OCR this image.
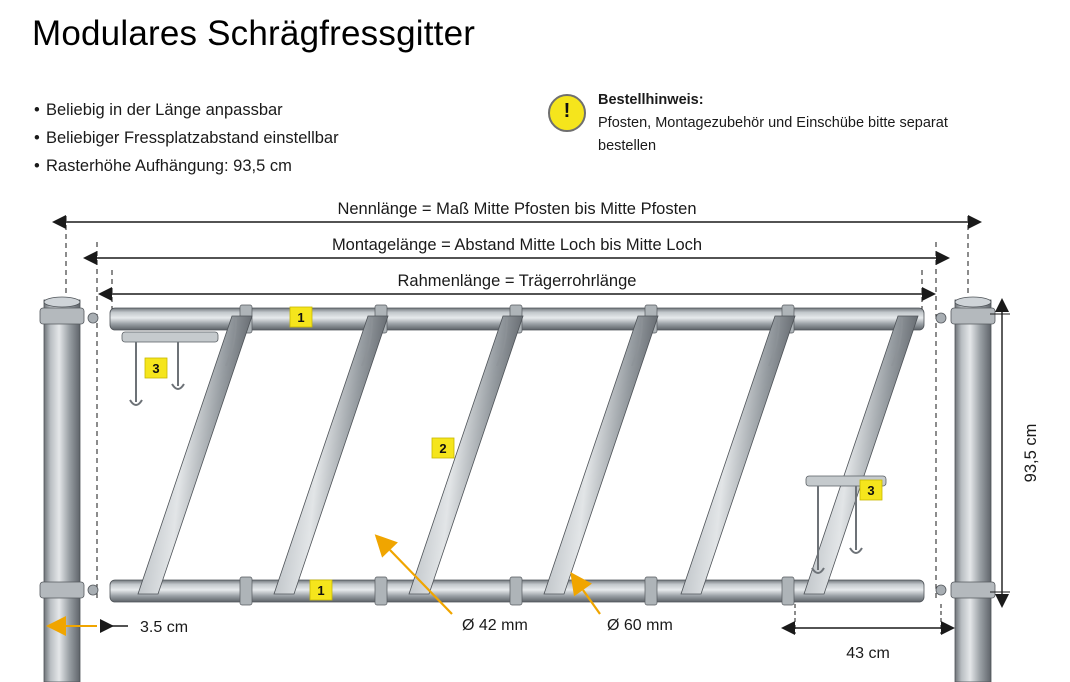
Modulares Schrägfressgitter
• Beliebig in der Länge anpassbar
• Beliebiger Fressplatzabstand einstellbar
• Rasterhöhe Aufhängung: 93,5 cm
!	Bestellhinweis:
Pfosten, Montagezubehör und Einschübe bitte separat bestellen
Nennlänge = Maß Mitte Pfosten bis Mitte Pfosten
Montagelänge = Abstand Mitte Loch bis Mitte Loch
Rahmenlänge = Trägerrohrlänge
1
1
2
3
3
Ø 42 mm	Ø 60 mm
93,5 cm
3.5 cm
43 cm
